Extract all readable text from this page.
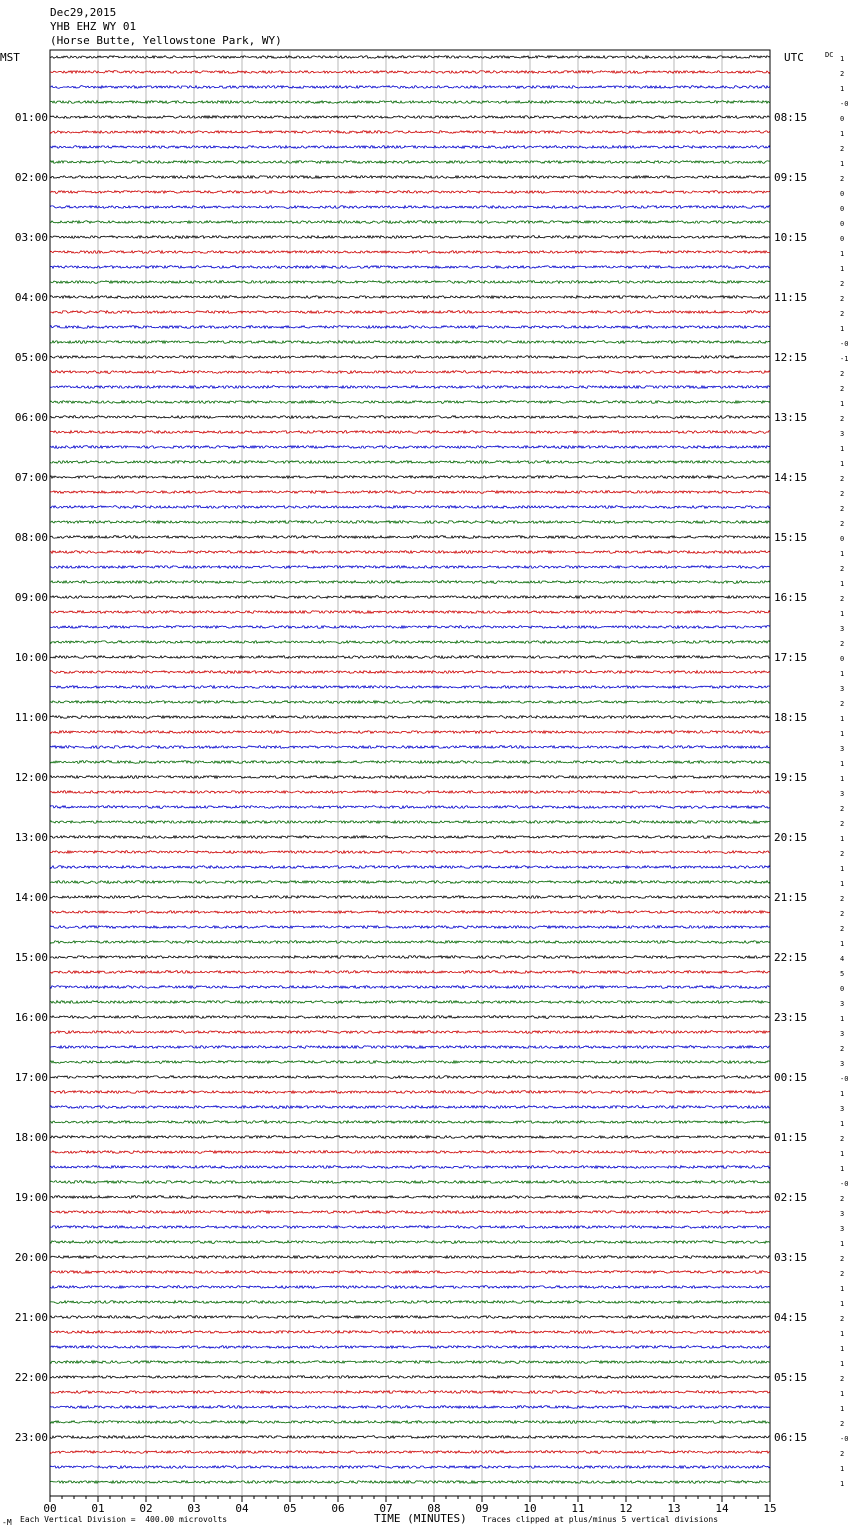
Dec29,2015
YHB EHZ WY 01
(Horse Butte, Yellowstone Park, WY)
MST	UTC	DC
00	01	02	03	04	05	06	07	08	09	10	11	12	13	14	15
1
2
1
-0
0
01:00	08:15
1
2
1
2
02:00	09:15
0
0
0
0
03:00	10:15
1
1
2
2
04:00	11:15
2
1
-0
-1
05:00	12:15
2
2
1
2
06:00	13:15
3
1
1
2
07:00	14:15
2
2
2
0
08:00	15:15
1
2
1
2
09:00	16:15
1
3
2
0
10:00	17:15
1
3
2
1
11:00	18:15
1
3
1
1
12:00	19:15
3
2
2
1
13:00	20:15
2
1
1
2
14:00	21:15
2
2
1
4
15:00	22:15
5
0
3
1
16:00	23:15
3
2
3
-0
17:00	00:15
1
3
1
2
18:00	01:15
1
1
-0
2
19:00	02:15
3
3
1
2
20:00	03:15
2
1
1
2
21:00	04:15
1
1
1
2
22:00	05:15
1
1
2
-0
23:00	06:15
2
1
1
-M Each Vertical Division =  400.00 microvolts	TIME (MINUTES) Traces clipped at plus/minus 5 vertical divisions
